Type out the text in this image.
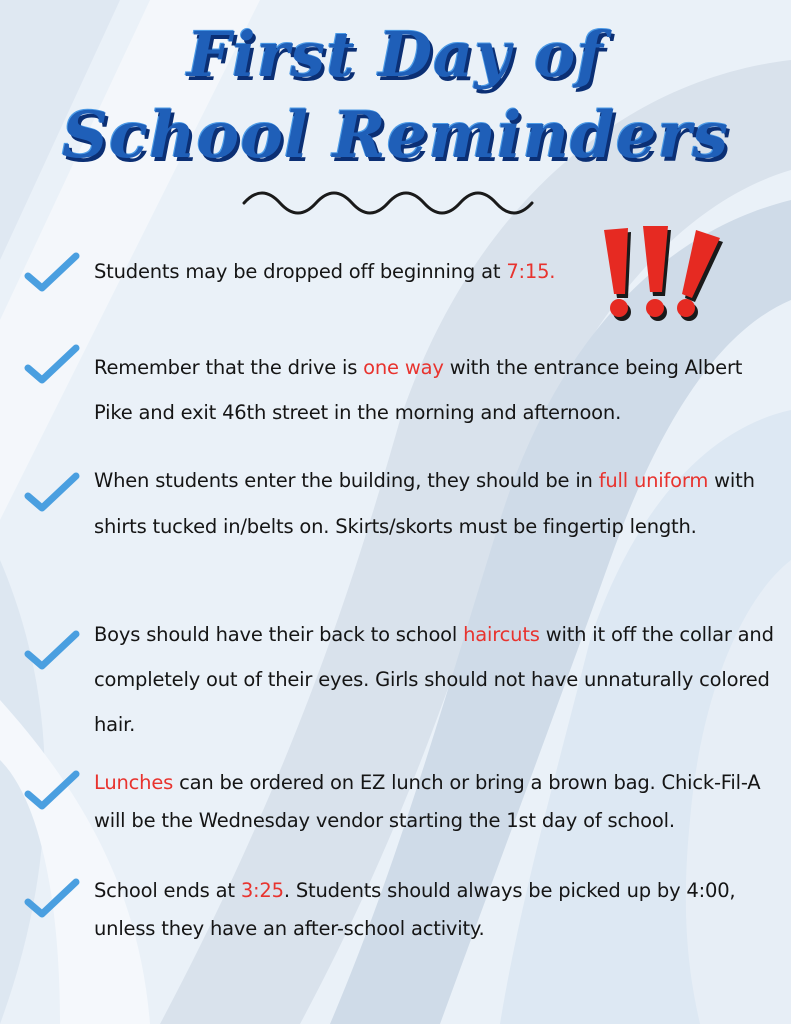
First Day of
School Reminders

Students may be dropped off beginning at 7:15.

Remember that the drive is one way with the entrance being Albert Pike and exit 46th street in the morning and afternoon.

When students enter the building, they should be in full uniform with shirts tucked in/belts on. Skirts/skorts must be fingertip length.

Boys should have their back to school haircuts with it off the collar and completely out of their eyes. Girls should not have unnaturally colored hair.

Lunches can be ordered on EZ lunch or bring a brown bag. Chick-Fil-A will be the Wednesday vendor starting the 1st day of school.

School ends at 3:25. Students should always be picked up by 4:00, unless they have an after-school activity.
